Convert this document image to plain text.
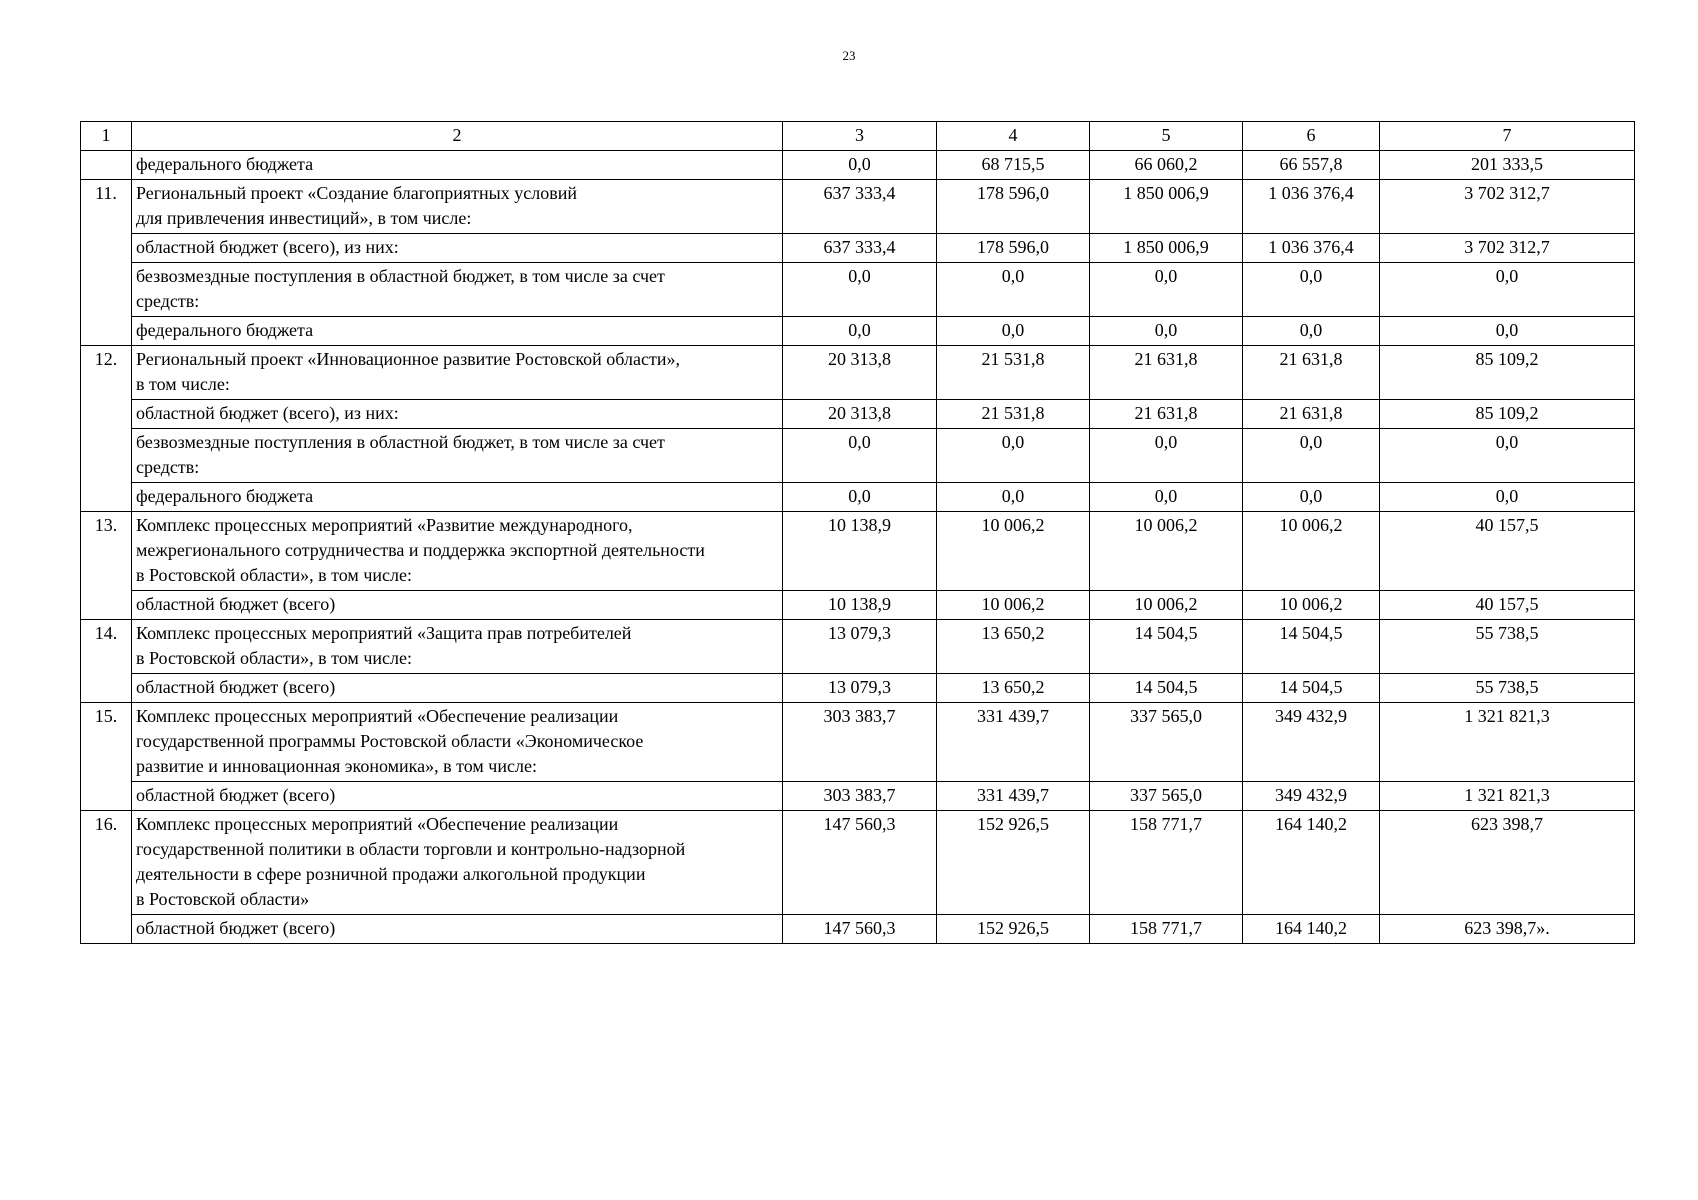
23
1	2	3	4	5	6	7
	федерального бюджета	0,0	68 715,5	66 060,2	66 557,8	201 333,5
11.	Региональный проект «Создание благоприятных условий
для привлечения инвестиций», в том числе:	637 333,4	178 596,0	1 850 006,9	1 036 376,4	3 702 312,7

	областной бюджет (всего), из них:	637 333,4	178 596,0	1 850 006,9	1 036 376,4	3 702 312,7

	безвозмездные поступления в областной бюджет, в том числе за счет
средств:	0,0	0,0	0,0	0,0	0,0

	федерального бюджета	0,0	0,0	0,0	0,0	0,0
12.	Региональный проект «Инновационное развитие Ростовской области»,
в том числе:	20 313,8	21 531,8	21 631,8	21 631,8	85 109,2

	областной бюджет (всего), из них:	20 313,8	21 531,8	21 631,8	21 631,8	85 109,2

	безвозмездные поступления в областной бюджет, в том числе за счет
средств:	0,0	0,0	0,0	0,0	0,0

	федерального бюджета	0,0	0,0	0,0	0,0	0,0
13.	Комплекс процессных мероприятий «Развитие международного,
межрегионального сотрудничества и поддержка экспортной деятельности
в Ростовской области», в том числе:	10 138,9	10 006,2	10 006,2	10 006,2	40 157,5

	областной бюджет (всего)	10 138,9	10 006,2	10 006,2	10 006,2	40 157,5
14.	Комплекс процессных мероприятий «Защита прав потребителей
в Ростовской области», в том числе:	13 079,3	13 650,2	14 504,5	14 504,5	55 738,5

	областной бюджет (всего)	13 079,3	13 650,2	14 504,5	14 504,5	55 738,5
15.	Комплекс процессных мероприятий «Обеспечение реализации
государственной программы Ростовской области «Экономическое
развитие и инновационная экономика», в том числе:	303 383,7	331 439,7	337 565,0	349 432,9	1 321 821,3

	областной бюджет (всего)	303 383,7	331 439,7	337 565,0	349 432,9	1 321 821,3
16.	Комплекс процессных мероприятий «Обеспечение реализации
государственной политики в области торговли и контрольно-надзорной
деятельности в сфере розничной продажи алкогольной продукции
в Ростовской области»	147 560,3	152 926,5	158 771,7	164 140,2	623 398,7

	областной бюджет (всего)	147 560,3	152 926,5	158 771,7	164 140,2	623 398,7».
